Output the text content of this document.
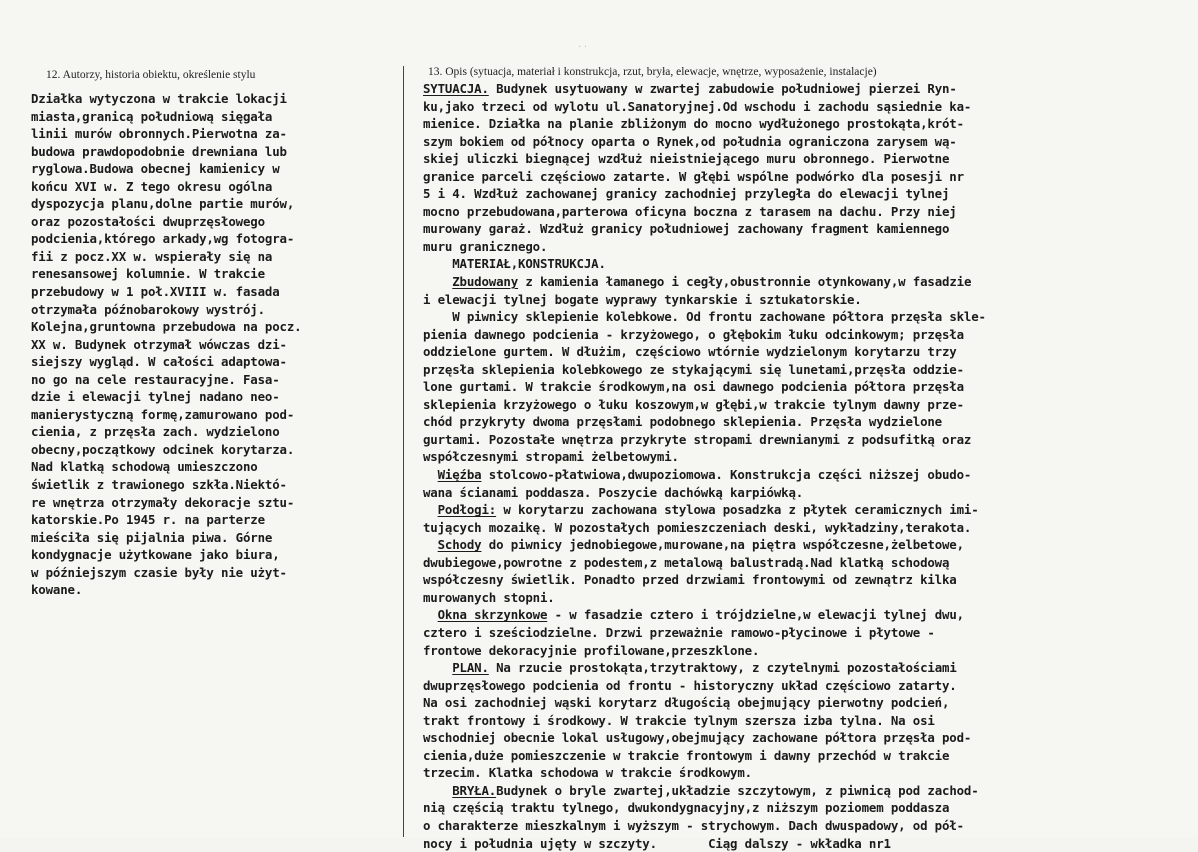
· ·
12. Autorzy, historia obiektu, określenie stylu	13. Opis (sytuacja, materiał i konstrukcja, rzut, bryła, elewacje, wnętrze, wyposażenie, instalacje)
Działka wytyczona w trakcie lokacji
miasta,granicą południową sięgała
linii murów obronnych.Pierwotna za-
budowa prawdopodobnie drewniana lub
ryglowa.Budowa obecnej kamienicy w
końcu XVI w. Z tego okresu ogólna
dyspozycja planu,dolne partie murów,
oraz pozostałości dwuprzęsłowego
podcienia,którego arkady,wg fotogra-
fii z pocz.XX w. wspierały się na
renesansowej kolumnie. W trakcie
przebudowy w 1 poł.XVIII w. fasada
otrzymała późnobarokowy wystrój.
Kolejna,gruntowna przebudowa na pocz.
XX w. Budynek otrzymał wówczas dzi-
siejszy wygląd. W całości adaptowa-
no go na cele restauracyjne. Fasa-
dzie i elewacji tylnej nadano neo-
manierystyczną formę,zamurowano pod-
cienia, z przęsła zach. wydzielono
obecny,początkowy odcinek korytarza.
Nad klatką schodową umieszczono
świetlik z trawionego szkła.Niektó-
re wnętrza otrzymały dekoracje sztu-
katorskie.Po 1945 r. na parterze
mieściła się pijalnia piwa. Górne
kondygnacje użytkowane jako biura,
w późniejszym czasie były nie użyt-
kowane.
SYTUACJA. Budynek usytuowany w zwartej zabudowie południowej pierzei Ryn-
ku,jako trzeci od wylotu ul.Sanatoryjnej.Od wschodu i zachodu sąsiednie ka-
mienice. Działka na planie zbliżonym do mocno wydłużonego prostokąta,krót-
szym bokiem od północy oparta o Rynek,od południa ograniczona zarysem wą-
skiej uliczki biegnącej wzdłuż nieistniejącego muru obronnego. Pierwotne
granice parceli częściowo zatarte. W głębi wspólne podwórko dla posesji nr
5 i 4. Wzdłuż zachowanej granicy zachodniej przyległa do elewacji tylnej
mocno przebudowana,parterowa oficyna boczna z tarasem na dachu. Przy niej
murowany garaż. Wzdłuż granicy południowej zachowany fragment kamiennego
muru granicznego.
MATERIAŁ,KONSTRUKCJA.
Zbudowany z kamienia łamanego i cegły,obustronnie otynkowany,w fasadzie
i elewacji tylnej bogate wyprawy tynkarskie i sztukatorskie.
W piwnicy sklepienie kolebkowe. Od frontu zachowane półtora przęsła skle-
pienia dawnego podcienia - krzyżowego, o głębokim łuku odcinkowym; przęsła
oddzielone gurtem. W dłużim, częściowo wtórnie wydzielonym korytarzu trzy
przęsła sklepienia kolebkowego ze stykającymi się lunetami,przęsła oddzie-
lone gurtami. W trakcie środkowym,na osi dawnego podcienia półtora przęsła
sklepienia krzyżowego o łuku koszowym,w głębi,w trakcie tylnym dawny prze-
chód przykryty dwoma przęsłami podobnego sklepienia. Przęsła wydzielone
gurtami. Pozostałe wnętrza przykryte stropami drewnianymi z podsufitką oraz
współczesnymi stropami żelbetowymi.
Więźba stolcowo-płatwiowa,dwupoziomowa. Konstrukcja części niższej obudo-
wana ścianami poddasza. Poszycie dachówką karpiówką.
Podłogi: w korytarzu zachowana stylowa posadzka z płytek ceramicznych imi-
tujących mozaikę. W pozostałych pomieszczeniach deski, wykładziny,terakota.
Schody do piwnicy jednobiegowe,murowane,na piętra współczesne,żelbetowe,
dwubiegowe,powrotne z podestem,z metalową balustradą.Nad klatką schodową
współczesny świetlik. Ponadto przed drzwiami frontowymi od zewnątrz kilka
murowanych stopni.
Okna skrzynkowe - w fasadzie cztero i trójdzielne,w elewacji tylnej dwu,
cztero i sześciodzielne. Drzwi przeważnie ramowo-płycinowe i płytowe -
frontowe dekoracyjnie profilowane,przeszklone.
PLAN. Na rzucie prostokąta,trzytraktowy, z czytelnymi pozostałościami
dwuprzęsłowego podcienia od frontu - historyczny układ częściowo zatarty.
Na osi zachodniej wąski korytarz długością obejmujący pierwotny podcień,
trakt frontowy i środkowy. W trakcie tylnym szersza izba tylna. Na osi
wschodniej obecnie lokal usługowy,obejmujący zachowane półtora przęsła pod-
cienia,duże pomieszczenie w trakcie frontowym i dawny przechód w trakcie
trzecim. Klatka schodowa w trakcie środkowym.
BRYŁA.Budynek o bryle zwartej,układzie szczytowym, z piwnicą pod zachod-
nią częścią traktu tylnego, dwukondygnacyjny,z niższym poziomem poddasza
o charakterze mieszkalnym i wyższym - strychowym. Dach dwuspadowy, od pół-
nocy i południa ujęty w szczyty.       Ciąg dalszy - wkładka nr1
